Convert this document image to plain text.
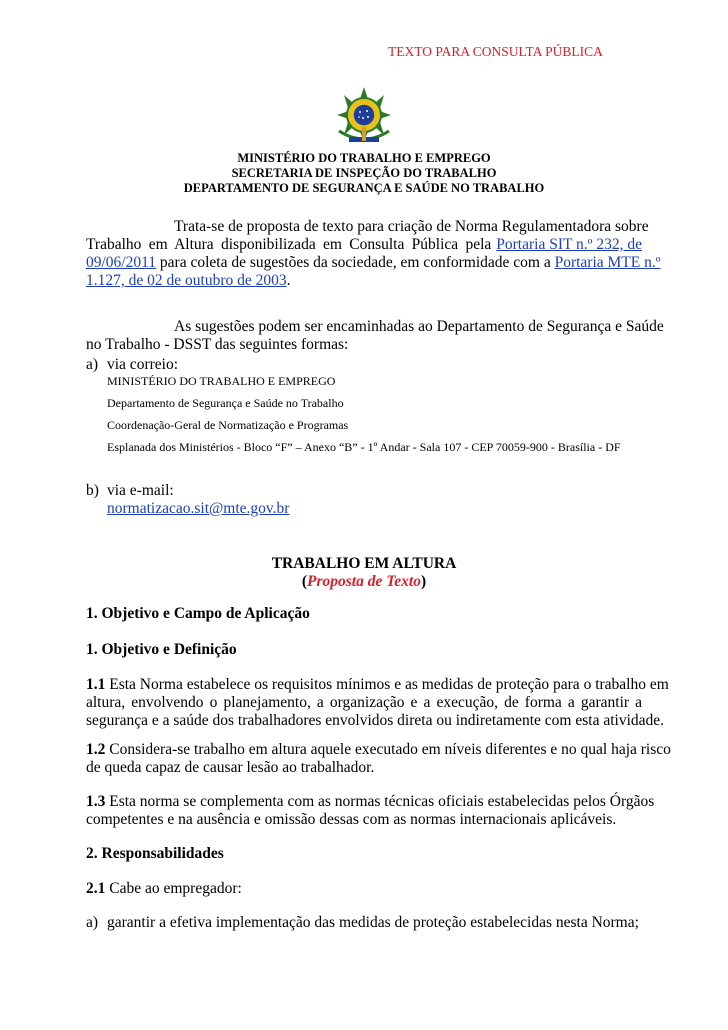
TEXTO PARA CONSULTA PÚBLICA
MINISTÉRIO DO TRABALHO E EMPREGO
SECRETARIA DE INSPEÇÃO DO TRABALHO
DEPARTAMENTO DE SEGURANÇA E SAÚDE NO TRABALHO
Trata-se de proposta de texto para criação de Norma Regulamentadora sobre
Trabalho em Altura disponibilizada em Consulta Pública pela Portaria SIT n.º 232, de
09/06/2011 para coleta de sugestões da sociedade, em conformidade com a Portaria MTE n.º
1.127, de 02 de outubro de 2003.
As sugestões podem ser encaminhadas ao Departamento de Segurança e Saúde
no Trabalho - DSST das seguintes formas:
a) via correio:
MINISTÉRIO DO TRABALHO E EMPREGO
Departamento de Segurança e Saúde no Trabalho
Coordenação-Geral de Normatização e Programas
Esplanada dos Ministérios - Bloco “F” – Anexo “B” - 1º Andar - Sala 107 - CEP 70059-900 - Brasília - DF
b) via e-mail:
normatizacao.sit@mte.gov.br
TRABALHO EM ALTURA
(Proposta de Texto)
1. Objetivo e Campo de Aplicação
1. Objetivo e Definição
1.1 Esta Norma estabelece os requisitos mínimos e as medidas de proteção para o trabalho em
altura, envolvendo o planejamento, a organização e a execução, de forma a garantir a
segurança e a saúde dos trabalhadores envolvidos direta ou indiretamente com esta atividade.
1.2 Considera-se trabalho em altura aquele executado em níveis diferentes e no qual haja risco
de queda capaz de causar lesão ao trabalhador.
1.3 Esta norma se complementa com as normas técnicas oficiais estabelecidas pelos Órgãos
competentes e na ausência e omissão dessas com as normas internacionais aplicáveis.
2. Responsabilidades
2.1 Cabe ao empregador:
a) garantir a efetiva implementação das medidas de proteção estabelecidas nesta Norma;
